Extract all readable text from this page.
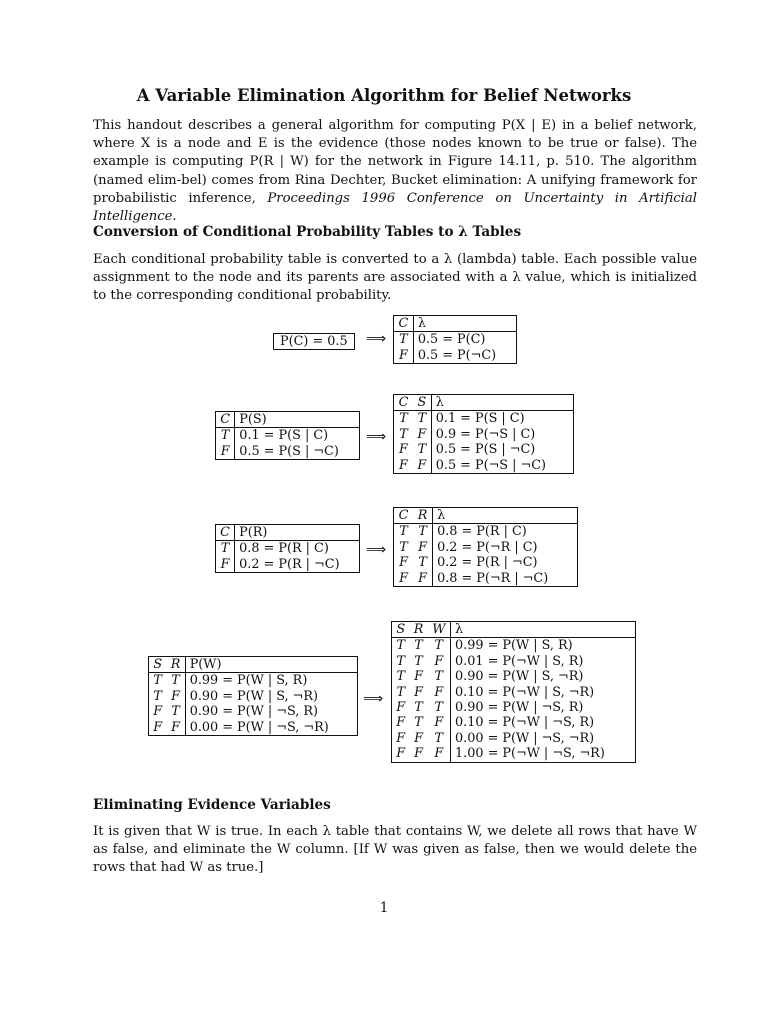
A Variable Elimination Algorithm for Belief Networks

This handout describes a general algorithm for computing P(X | E) in a belief network, where X is a node and E is the evidence (those nodes known to be true or false). The example is computing P(R | W) for the network in Figure 14.11, p. 510. The algorithm (named elim-bel) comes from Rina Dechter, Bucket elimination: A unifying framework for probabilistic inference, Proceedings 1996 Conference on Uncertainty in Artificial Intelligence.

Conversion of Conditional Probability Tables to λ Tables

Each conditional probability table is converted to a λ (lambda) table. Each possible value assignment to the node and its parents are associated with a λ value, which is initialized to the corresponding conditional probability.

P(C) = 0.5	⟹
C	λ
T	0.5 = P(C)
F	0.5 = P(¬C)
C	P(S)
T	0.1 = P(S | C)
F	0.5 = P(S | ¬C)
⟹
C	S	λ
T	T	0.1 = P(S | C)
T	F	0.9 = P(¬S | C)
F	T	0.5 = P(S | ¬C)
F	F	0.5 = P(¬S | ¬C)
C	P(R)
T	0.8 = P(R | C)
F	0.2 = P(R | ¬C)
⟹
C	R	λ
T	T	0.8 = P(R | C)
T	F	0.2 = P(¬R | C)
F	T	0.2 = P(R | ¬C)
F	F	0.8 = P(¬R | ¬C)
S	R	P(W)
T	T	0.99 = P(W | S, R)
T	F	0.90 = P(W | S, ¬R)
F	T	0.90 = P(W | ¬S, R)
F	F	0.00 = P(W | ¬S, ¬R)
⟹
S	R	W	λ
T	T	T	0.99 = P(W | S, R)
T	T	F	0.01 = P(¬W | S, R)
T	F	T	0.90 = P(W | S, ¬R)
T	F	F	0.10 = P(¬W | S, ¬R)
F	T	T	0.90 = P(W | ¬S, R)
F	T	F	0.10 = P(¬W | ¬S, R)
F	F	T	0.00 = P(W | ¬S, ¬R)
F	F	F	1.00 = P(¬W | ¬S, ¬R)
Eliminating Evidence Variables

It is given that W is true. In each λ table that contains W, we delete all rows that have W as false, and eliminate the W column. [If W was given as false, then we would delete the rows that had W as true.]

1
